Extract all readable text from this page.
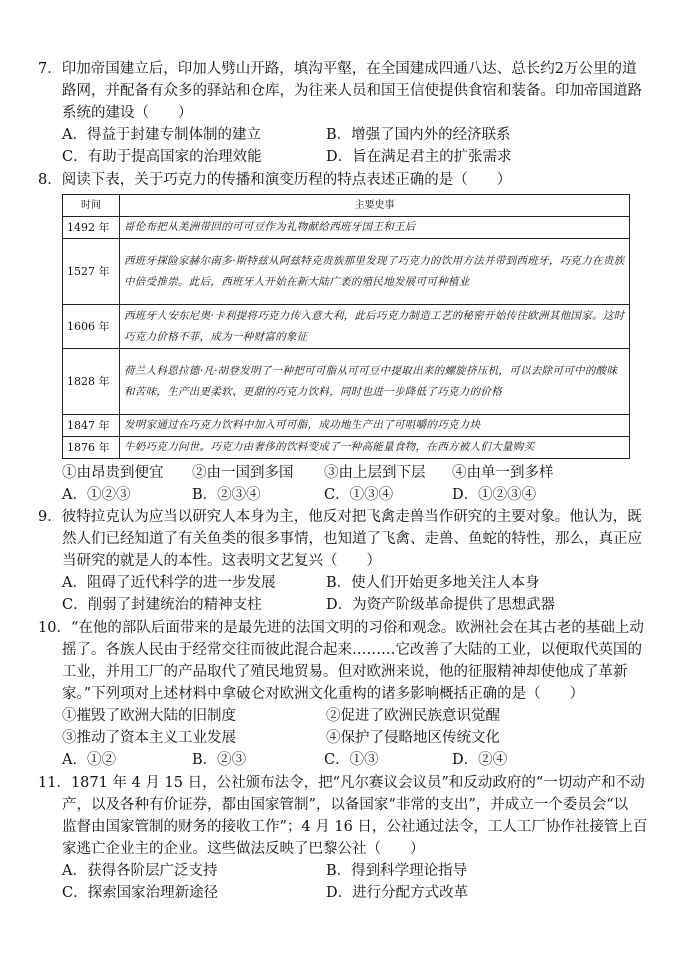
7．印加帝国建立后，印加人劈山开路，填沟平壑，在全国建成四通八达、总长约2万公里的道
路网，并配备有众多的驿站和仓库，为往来人员和国王信使提供食宿和装备。印加帝国道路
系统的建设（　　）
A．得益于封建专制体制的建立	B．增强了国内外的经济联系
C．有助于提高国家的治理效能	D．旨在满足君主的扩张需求
8．阅读下表，关于巧克力的传播和演变历程的特点表述正确的是（　　）
时间	主要史事
1492 年	哥伦布把从美洲带回的可可豆作为礼物献给西班牙国王和王后
1527 年	西班牙探险家赫尔南多·斯特兹从阿兹特克贵族那里发现了巧克力的饮用方法并带到西班牙，巧克力在贵族中倍受推崇。此后，西班牙人开始在新大陆广袤的殖民地发展可可种植业
1606 年	西班牙人安东尼奥·卡利提将巧克力传入意大利，此后巧克力制造工艺的秘密开始传往欧洲其他国家。这时巧克力价格不菲，成为一种财富的象征
1828 年	荷兰人科恩拉德·凡·胡登发明了一种把可可脂从可可豆中提取出来的螺旋挤压机，可以去除可可中的酸味和苦味，生产出更柔软、更甜的巧克力饮料，同时也进一步降低了巧克力的价格
1847 年	发明家通过在巧克力饮料中加入可可脂，成功地生产出了可咀嚼的巧克力块
1876 年	牛奶巧克力问世。巧克力由奢侈的饮料变成了一种高能量食物，在西方被人们大量购买
①由昂贵到便宜 ②由一国到多国 ③由上层到下层 ④由单一到多样
A．①②③	B．②③④	C．①③④	D．①②③④
9．彼特拉克认为应当以研究人本身为主，他反对把飞禽走兽当作研究的主要对象。他认为，既
然人们已经知道了有关鱼类的很多事情，也知道了飞禽、走兽、鱼蛇的特性，那么，真正应
当研究的就是人的本性。这表明文艺复兴（　　）
A．阻碍了近代科学的进一步发展	B．使人们开始更多地关注人本身
C．削弱了封建统治的精神支柱	D．为资产阶级革命提供了思想武器
10．“在他的部队后面带来的是最先进的法国文明的习俗和观念。欧洲社会在其古老的基础上动
摇了。各族人民由于经常交往而彼此混合起来………它改善了大陆的工业，以便取代英国的
工业，并用工厂的产品取代了殖民地贸易。但对欧洲来说，他的征服精神却使他成了革新
家。”下列项对上述材料中拿破仑对欧洲文化重构的诸多影响概括正确的是（　　）
①摧毁了欧洲大陆的旧制度	②促进了欧洲民族意识觉醒
③推动了资本主义工业发展	④保护了侵略地区传统文化
A．①②	B．②③	C．①③	D．②④
11．1871 年 4 月 15 日，公社颁布法令，把“凡尔赛议会议员”和反动政府的“一切动产和不动
产，以及各种有价证券，都由国家管制”，以备国家“非常的支出”，并成立一个委员会“以
监督由国家管制的财务的接收工作”；4 月 16 日，公社通过法令，工人工厂协作社接管上百
家逃亡企业主的企业。这些做法反映了巴黎公社（　　）
A．获得各阶层广泛支持	B．得到科学理论指导
C．探索国家治理新途径	D．进行分配方式改革
